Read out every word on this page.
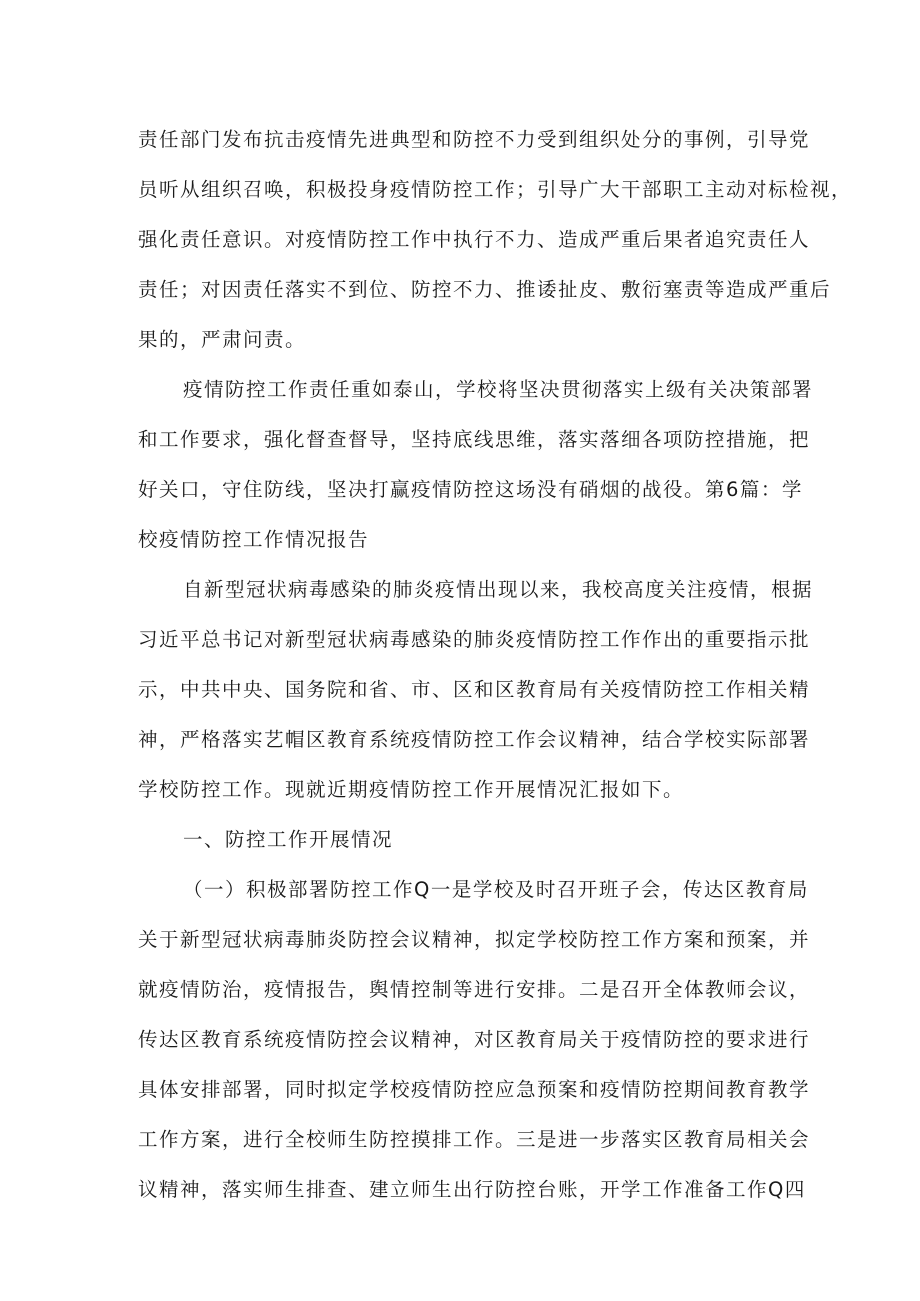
责任部门发布抗击疫情先进典型和防控不力受到组织处分的事例，引导党
员听从组织召唤，积极投身疫情防控工作；引导广大干部职工主动对标检视，
强化责任意识。对疫情防控工作中执行不力、造成严重后果者追究责任人
责任；对因责任落实不到位、防控不力、推诿扯皮、敷衍塞责等造成严重后
果的，严肃问责。
疫情防控工作责任重如泰山，学校将坚决贯彻落实上级有关决策部署
和工作要求，强化督查督导，坚持底线思维，落实落细各项防控措施，把
好关口，守住防线，坚决打赢疫情防控这场没有硝烟的战役。第6篇：学
校疫情防控工作情况报告
自新型冠状病毒感染的肺炎疫情出现以来，我校高度关注疫情，根据
习近平总书记对新型冠状病毒感染的肺炎疫情防控工作作出的重要指示批
示，中共中央、国务院和省、市、区和区教育局有关疫情防控工作相关精
神，严格落实艺帽区教育系统疫情防控工作会议精神，结合学校实际部署
学校防控工作。现就近期疫情防控工作开展情况汇报如下。
一、防控工作开展情况
（一）积极部署防控工作Q一是学校及时召开班子会，传达区教育局
关于新型冠状病毒肺炎防控会议精神，拟定学校防控工作方案和预案，并
就疫情防治，疫情报告，舆情控制等进行安排。二是召开全体教师会议，
传达区教育系统疫情防控会议精神，对区教育局关于疫情防控的要求进行
具体安排部署，同时拟定学校疫情防控应急预案和疫情防控期间教育教学
工作方案，进行全校师生防控摸排工作。三是进一步落实区教育局相关会
议精神，落实师生排查、建立师生出行防控台账，开学工作准备工作Q四
